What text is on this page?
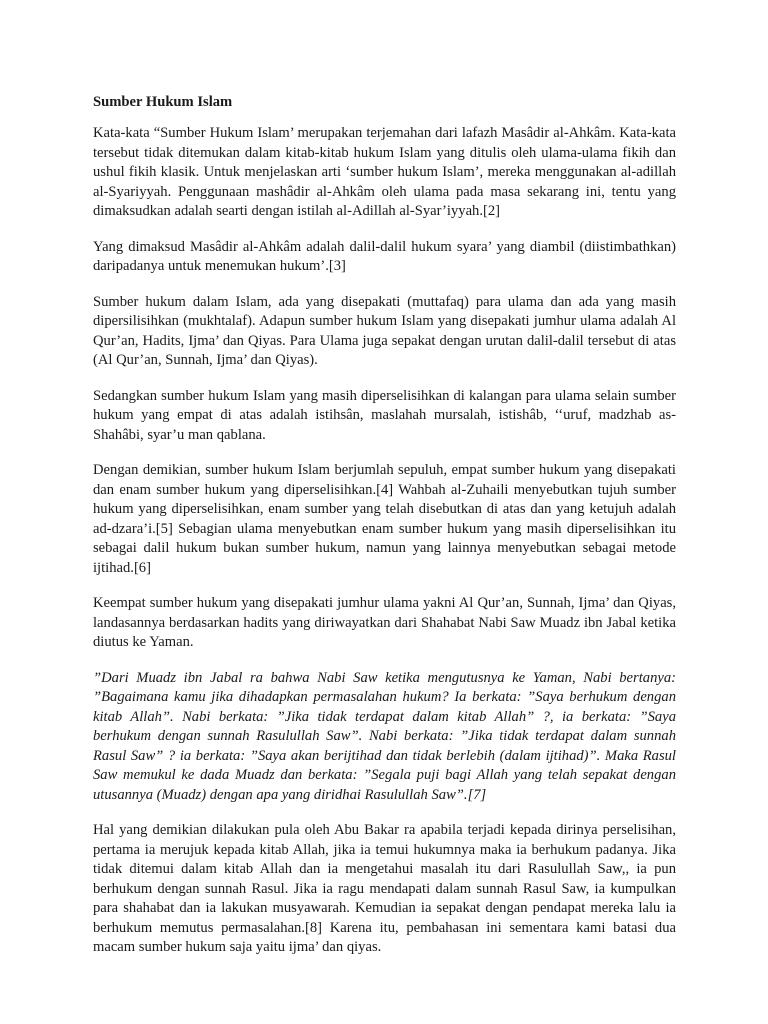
Sumber Hukum Islam

Kata-kata “Sumber Hukum Islam’ merupakan terjemahan dari lafazh Masâdir al-Ahkâm. Kata-kata tersebut tidak ditemukan dalam kitab-kitab hukum Islam yang ditulis oleh ulama-ulama fikih dan ushul fikih klasik. Untuk menjelaskan arti ‘sumber hukum Islam’, mereka menggunakan al-adillah al-Syariyyah. Penggunaan mashâdir al-Ahkâm oleh ulama pada masa sekarang ini, tentu yang dimaksudkan adalah searti dengan istilah al-Adillah al-Syar’iyyah.[2]

Yang dimaksud Masâdir al-Ahkâm adalah dalil-dalil hukum syara’ yang diambil (diistimbathkan) daripadanya untuk menemukan hukum’.[3]

Sumber hukum dalam Islam, ada yang disepakati (muttafaq) para ulama dan ada yang masih dipersilisihkan (mukhtalaf). Adapun sumber hukum Islam yang disepakati jumhur ulama adalah Al Qur’an, Hadits, Ijma’ dan Qiyas. Para Ulama juga sepakat dengan urutan dalil-dalil tersebut di atas (Al Qur’an, Sunnah, Ijma’ dan Qiyas).

Sedangkan sumber hukum Islam yang masih diperselisihkan di kalangan para ulama selain sumber hukum yang empat di atas adalah istihsân, maslahah mursalah, istishâb, ‘‘uruf, madzhab as-Shahâbi, syar’u man qablana.

Dengan demikian, sumber hukum Islam berjumlah sepuluh, empat sumber hukum yang disepakati dan enam sumber hukum yang diperselisihkan.[4] Wahbah al-Zuhaili menyebutkan tujuh sumber hukum yang diperselisihkan, enam sumber yang telah disebutkan di atas dan yang ketujuh adalah ad-dzara’i.[5] Sebagian ulama menyebutkan enam sumber hukum yang masih diperselisihkan itu sebagai dalil hukum bukan sumber hukum, namun yang lainnya menyebutkan sebagai metode ijtihad.[6]

Keempat sumber hukum yang disepakati jumhur ulama yakni Al Qur’an, Sunnah, Ijma’ dan Qiyas, landasannya berdasarkan hadits yang diriwayatkan dari Shahabat Nabi Saw Muadz ibn Jabal ketika diutus ke Yaman.

”Dari Muadz ibn Jabal ra bahwa Nabi Saw ketika mengutusnya ke Yaman, Nabi bertanya: ”Bagaimana kamu jika dihadapkan permasalahan hukum? Ia berkata: ”Saya berhukum dengan kitab Allah”. Nabi berkata: ”Jika tidak terdapat dalam kitab Allah” ?, ia berkata: ”Saya berhukum dengan sunnah Rasulullah Saw”. Nabi berkata: ”Jika tidak terdapat dalam sunnah Rasul Saw” ? ia berkata: ”Saya akan berijtihad dan tidak berlebih (dalam ijtihad)”. Maka Rasul Saw memukul ke dada Muadz dan berkata: ”Segala puji bagi Allah yang telah sepakat dengan utusannya (Muadz) dengan apa yang diridhai Rasulullah Saw”.[7]

Hal yang demikian dilakukan pula oleh Abu Bakar ra apabila terjadi kepada dirinya perselisihan, pertama ia merujuk kepada kitab Allah, jika ia temui hukumnya maka ia berhukum padanya. Jika tidak ditemui dalam kitab Allah dan ia mengetahui masalah itu dari Rasulullah Saw,, ia pun berhukum dengan sunnah Rasul. Jika ia ragu mendapati dalam sunnah Rasul Saw, ia kumpulkan para shahabat dan ia lakukan musyawarah. Kemudian ia sepakat dengan pendapat mereka lalu ia berhukum memutus permasalahan.[8] Karena itu, pembahasan ini sementara kami batasi dua macam sumber hukum saja yaitu ijma’ dan qiyas.
